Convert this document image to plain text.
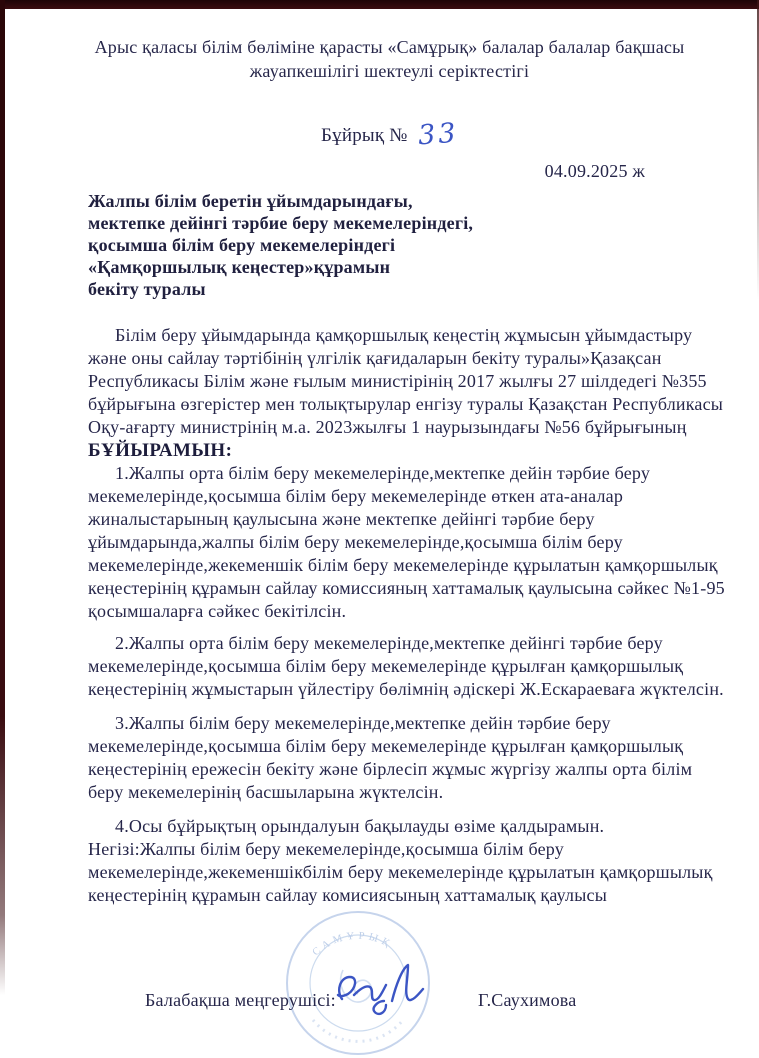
САМҰРЫҚ
Арыс қаласы білім бөліміне қарасты «Самұрық» балалар балалар бақшасы
жауапкешілігі шектеулі серіктестігі
Бұйрық № 33
04.09.2025 ж
Жалпы білім беретін ұйымдарындағы,
мектепке дейінгі тәрбие беру мекемелеріндегі,
қосымша білім беру мекемелеріндегі
«Қамқоршылық кеңестер»құрамын
бекіту туралы
Білім беру ұйымдарында қамқоршылық кеңестің жұмысын ұйымдастыру
және оны сайлау тәртібінің үлгілік қағидаларын бекіту туралы»Қазақсан
Республикасы Білім және ғылым министірінің 2017 жылғы 27 шілдедегі №355
бұйрығына өзгерістер мен толықтырулар енгізу туралы Қазақстан Республикасы
Оқу-ағарту министрінің м.а. 2023жылғы 1 наурызындағы №56 бұйрығының
БҰЙЫРАМЫН:
1.Жалпы орта білім беру мекемелерінде,мектепке дейін тәрбие беру
мекемелерінде,қосымша білім беру мекемелерінде өткен ата-аналар
жиналыстарының қаулысына және мектепке дейінгі тәрбие беру
ұйымдарында,жалпы білім беру мекемелерінде,қосымша білім беру
мекемелерінде,жекеменшік білім беру мекемелерінде құрылатын қамқоршылық
кеңестерінің құрамын сайлау комиссияның хаттамалық қаулысына сәйкес №1-95
қосымшаларға сәйкес бекітілсін.
2.Жалпы орта білім беру мекемелерінде,мектепке дейінгі тәрбие беру
мекемелерінде,қосымша білім беру мекемелерінде құрылған қамқоршылық
кеңестерінің жұмыстарын үйлестіру бөлімнің әдіскері Ж.Ескараеваға жүктелсін.
3.Жалпы білім беру мекемелерінде,мектепке дейін тәрбие беру
мекемелерінде,қосымша білім беру мекемелерінде құрылған қамқоршылық
кеңестерінің ережесін бекіту және бірлесіп жұмыс жүргізу жалпы орта білім
беру мекемелерінің басшыларына жүктелсін.
4.Осы бұйрықтың орындалуын бақылауды өзіме қалдырамын.
Негізі:Жалпы білім беру мекемелерінде,қосымша білім беру
мекемелерінде,жекеменшікбілім беру мекемелерінде құрылатын қамқоршылық
кеңестерінің құрамын сайлау комисиясының хаттамалық қаулысы
Балабақша меңгерушісі:	Г.Саухимова
